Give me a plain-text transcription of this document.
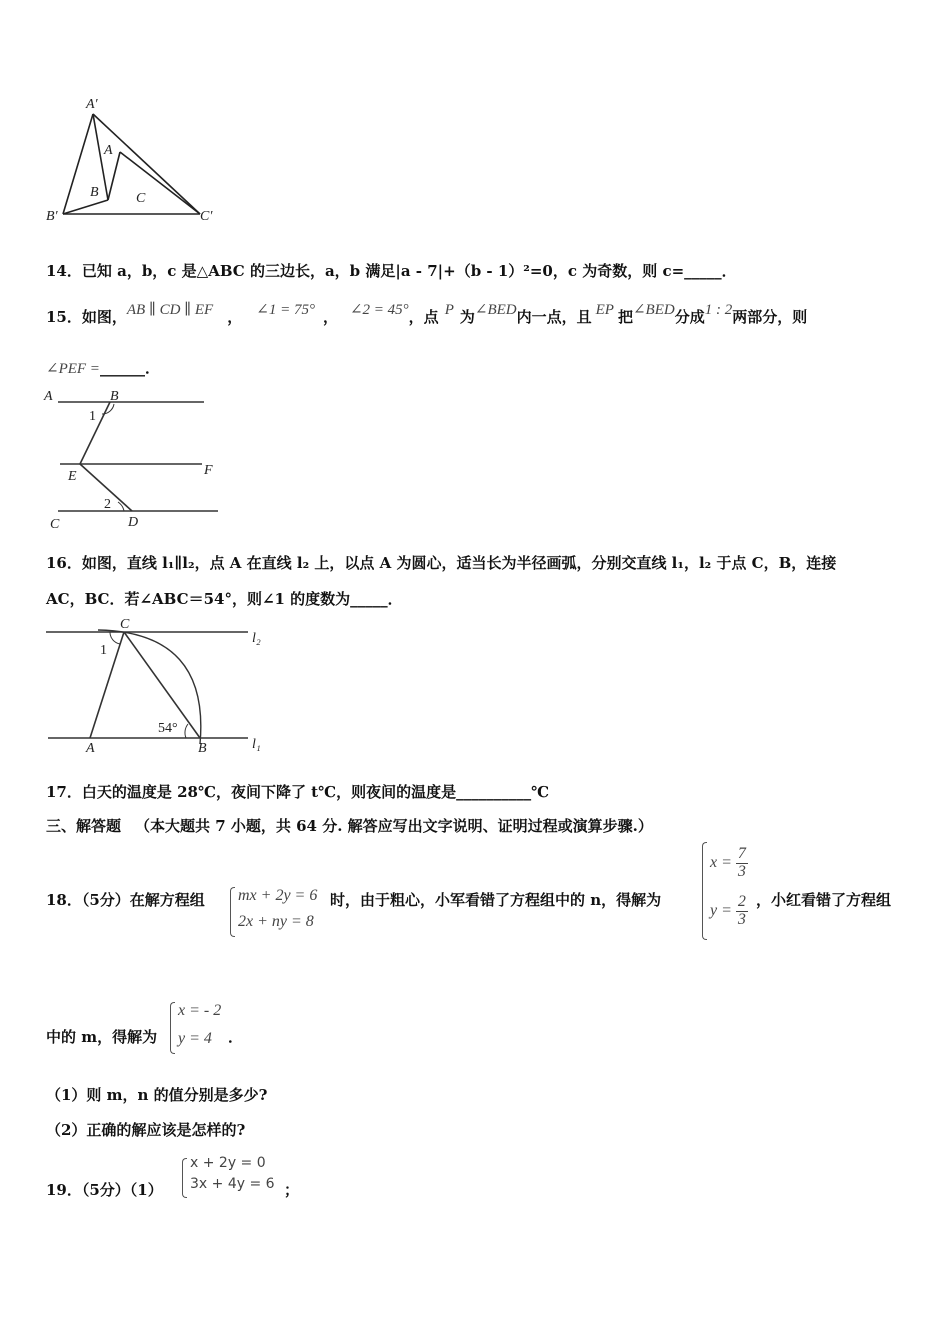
A′
A
B	C
B′	C′
14．已知 a，b，c 是△ABC 的三边长，a，b 满足|a - 7|+（b - 1）²=0，c 为奇数，则 c=_____．
15．如图，AB ∥ CD ∥ EF ， ∠1 = 75° ， ∠2 = 45°，点 P 为∠BED内一点，且 EP 把∠BED分成1 : 2两部分，则
∠PEF =______．
A	B
1
E	F
2
C	D
16．如图，直线 l₁∥l₂，点 A 在直线 l₂ 上，以点 A 为圆心，适当长为半径画弧，分别交直线 l₁，l₂ 于点 C，B，连接
AC，BC．若∠ABC＝54°，则∠1 的度数为_____．
C
l₂
1
54°
A	B	l₁
17．白天的温度是 28℃，夜间下降了 t℃，则夜间的温度是__________℃
三、解答题 （本大题共 7 小题，共 64 分. 解答应写出文字说明、证明过程或演算步骤.）
18．（5分）在解方程组 mx + 2y = 6
2x + ny = 8
时，由于粗心，小军看错了方程组中的 n，得解为
$x = \frac{7}{3}$
$y = \frac{2}{3}$ ，小红看错了方程组
中的 m，得解为
x = - 2
y = 4 ．
（1）则 m，n 的值分别是多少?
（2）正确的解应该是怎样的?
19．（5分）（1）
x + 2y = 0
3x + 4y = 6 ；
